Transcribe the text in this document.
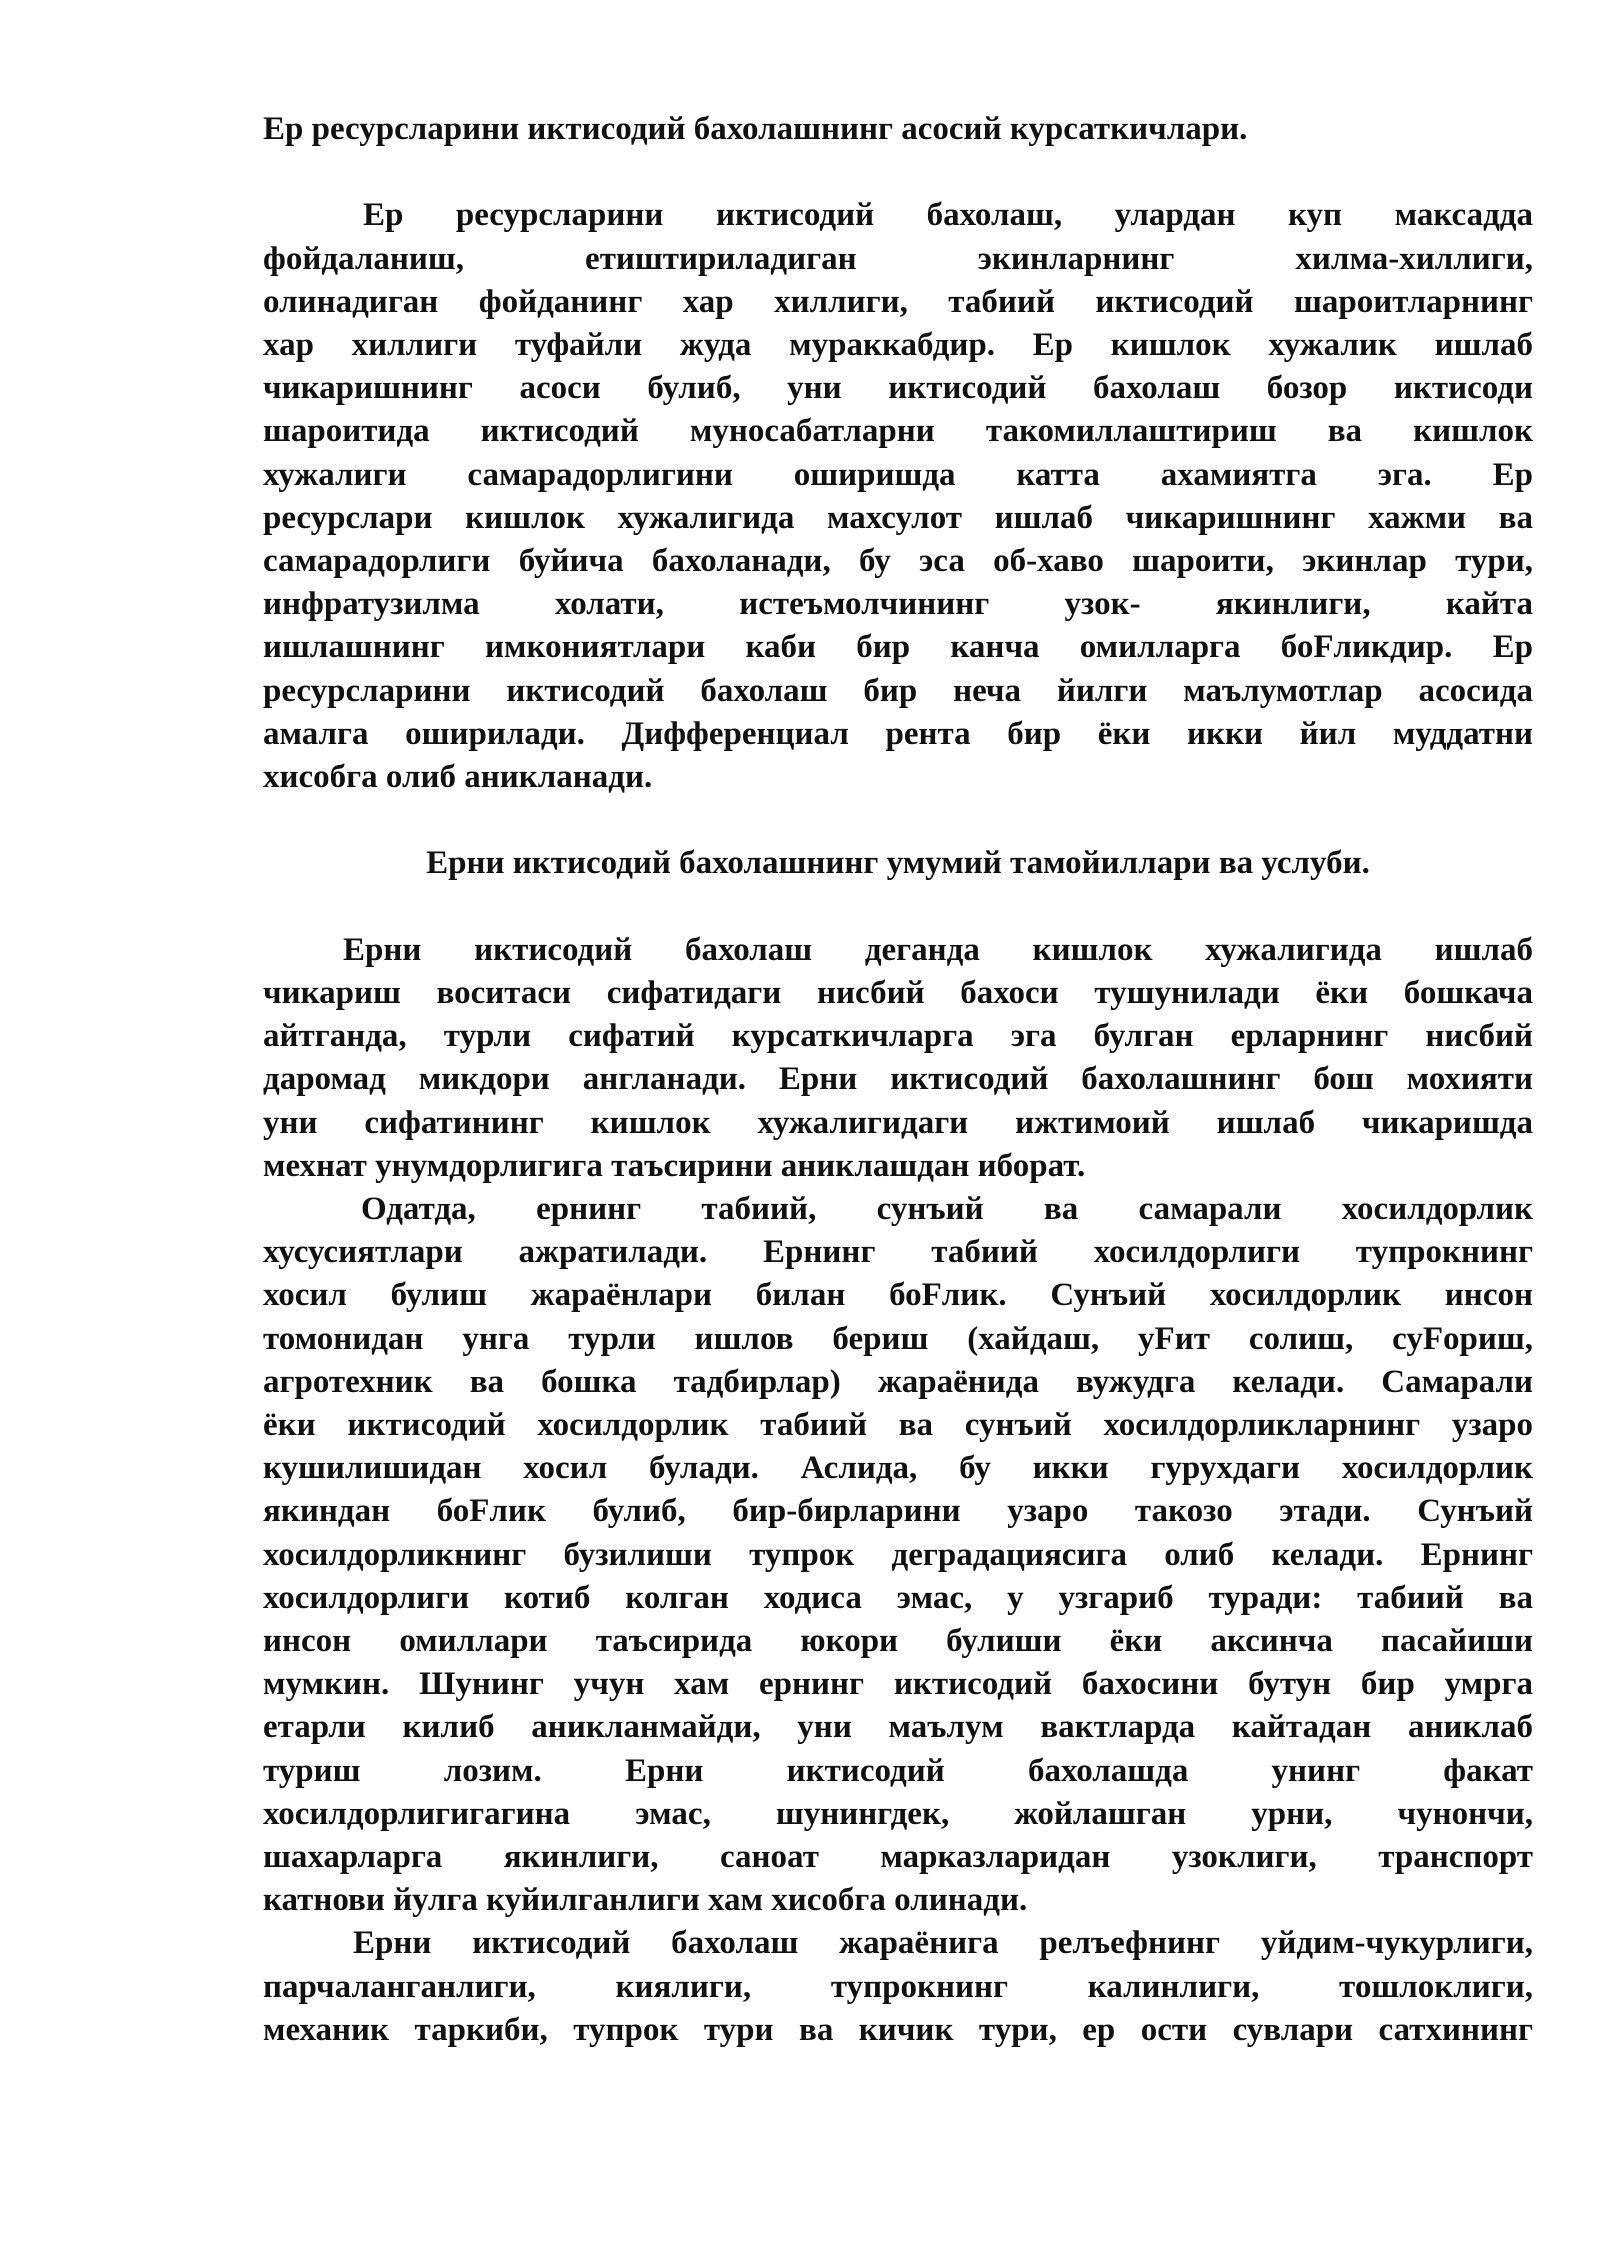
Ер ресурсларини иктисодий бахолашнинг асосий курсаткичлари.
Ер ресурсларини иктисодий бахолаш, улардан куп максадда
фойдаланиш, етиштириладиган экинларнинг хилма-хиллиги,
олинадиган фойданинг хар хиллиги, табиий иктисодий шароитларнинг
хар хиллиги туфайли жуда мураккабдир. Ер кишлок хужалик ишлаб
чикаришнинг асоси булиб, уни иктисодий бахолаш бозор иктисоди
шароитида иктисодий муносабатларни такомиллаштириш ва кишлок
хужалиги самарадорлигини оширишда катта ахамиятга эга. Ер
ресурслари кишлок хужалигида махсулот ишлаб чикаришнинг хажми ва
самарадорлиги буйича бахоланади, бу эса об-хаво шароити, экинлар тури,
инфратузилма холати, истеъмолчининг узок- якинлиги, кайта
ишлашнинг имкониятлари каби бир канча омилларга боFликдир. Ер
ресурсларини иктисодий бахолаш бир неча йилги маълумотлар асосида
амалга оширилади. Дифференциал рента бир ёки икки йил муддатни
хисобга олиб аникланади.
Ерни иктисодий бахолашнинг умумий тамойиллари ва услуби.
Ерни иктисодий бахолаш деганда кишлок хужалигида ишлаб
чикариш воситаси сифатидаги нисбий бахоси тушунилади ёки бошкача
айтганда, турли сифатий курсаткичларга эга булган ерларнинг нисбий
даромад микдори англанади. Ерни иктисодий бахолашнинг бош мохияти
уни сифатининг кишлок хужалигидаги ижтимоий ишлаб чикаришда
мехнат унумдорлигига таъсирини аниклашдан иборат.
Одатда, ернинг табиий, сунъий ва самарали хосилдорлик
хусусиятлари ажратилади. Ернинг табиий хосилдорлиги тупрокнинг
хосил булиш жараёнлари билан боFлик. Сунъий хосилдорлик инсон
томонидан унга турли ишлов бериш (хайдаш, уFит солиш, суFориш,
агротехник ва бошка тадбирлар) жараёнида вужудга келади. Самарали
ёки иктисодий хосилдорлик табиий ва сунъий хосилдорликларнинг узаро
кушилишидан хосил булади. Аслида, бу икки гурухдаги хосилдорлик
якиндан боFлик булиб, бир-бирларини узаро такозо этади. Сунъий
хосилдорликнинг бузилиши тупрок деградациясига олиб келади. Ернинг
хосилдорлиги котиб колган ходиса эмас, у узгариб туради: табиий ва
инсон омиллари таъсирида юкори булиши ёки аксинча пасайиши
мумкин. Шунинг учун хам ернинг иктисодий бахосини бутун бир умрга
етарли килиб аникланмайди, уни маълум вактларда кайтадан аниклаб
туриш лозим. Ерни иктисодий бахолашда унинг факат
хосилдорлигигагина эмас, шунингдек, жойлашган урни, чунончи,
шахарларга якинлиги, саноат марказларидан узоклиги, транспорт
катнови йулга куйилганлиги хам хисобга олинади.
Ерни иктисодий бахолаш жараёнига релъефнинг уйдим-чукурлиги,
парчаланганлиги, киялиги, тупрокнинг калинлиги, тошлоклиги,
механик таркиби, тупрок тури ва кичик тури, ер ости сувлари сатхининг
